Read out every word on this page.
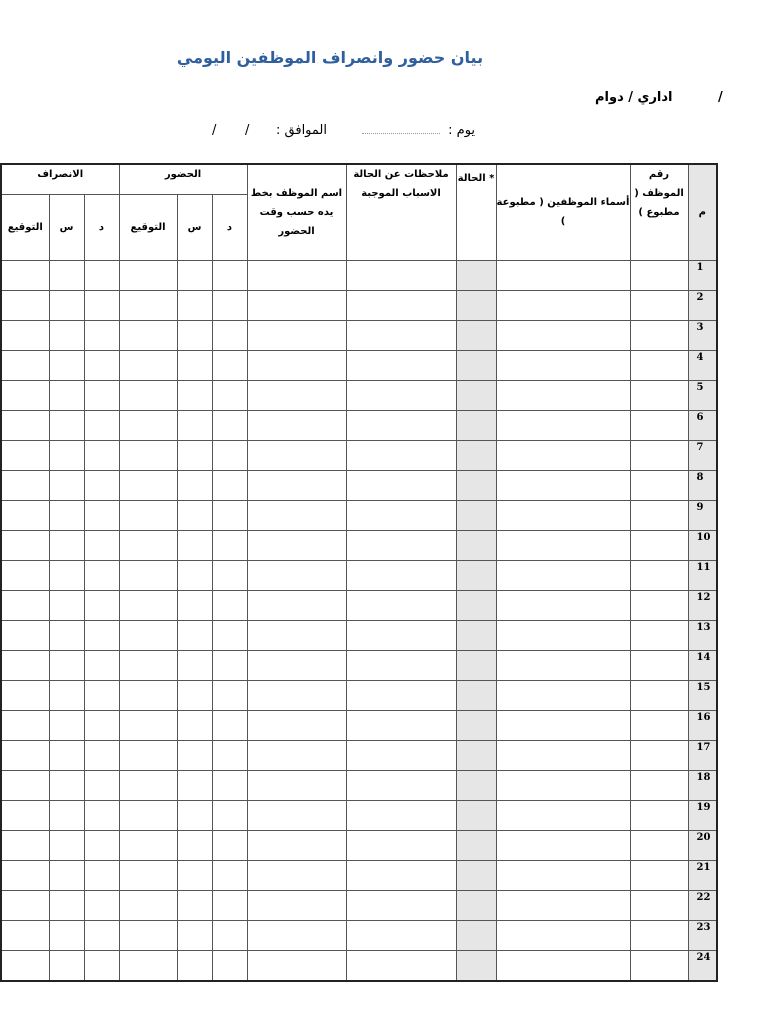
بيان حضور وانصراف الموظفين اليومي
اداري / دوام	/
يوم :
الموافق :
/
/
الانصراف			الحضور			اسم الموظف بخط يده حسب وقت الحضور	ملاحظات عن الحالة الاسباب الموجبة	الحالة *	أسماء الموظفين ( مطبوعة )	رقم الموظف ( مطبوع )	م
التوقيع	س	د	التوقيع	س	د						
											1
											2
											3
											4
											5
											6
											7
											8
											9
											10
											11
											12
											13
											14
											15
											16
											17
											18
											19
											20
											21
											22
											23
											24
